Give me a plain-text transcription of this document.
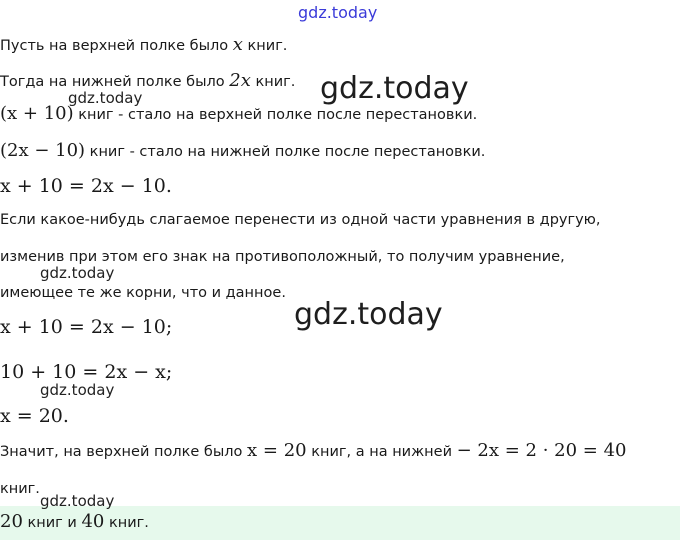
gdz.today
Пусть на верхней полке было x книг.
Тогда на нижней полке было 2x книг. gdz.today
gdz.today
(x + 10) книг - стало на верхней полке после перестановки.
(2x − 10) книг - стало на нижней полке после перестановки.
x + 10 = 2x − 10.
Если какое-нибудь слагаемое перенести из одной части уравнения в другую,
изменив при этом его знак на противоположный, то получим уравнение,
gdz.today
имеющее те же корни, что и данное.
gdz.today
x + 10 = 2x − 10;
10 + 10 = 2x − x;
gdz.today
x = 20.
Значит, на верхней полке было x = 20 книг, а на нижней − 2x = 2 · 20 = 40
книг.
gdz.today
20 книг и 40 книг.
